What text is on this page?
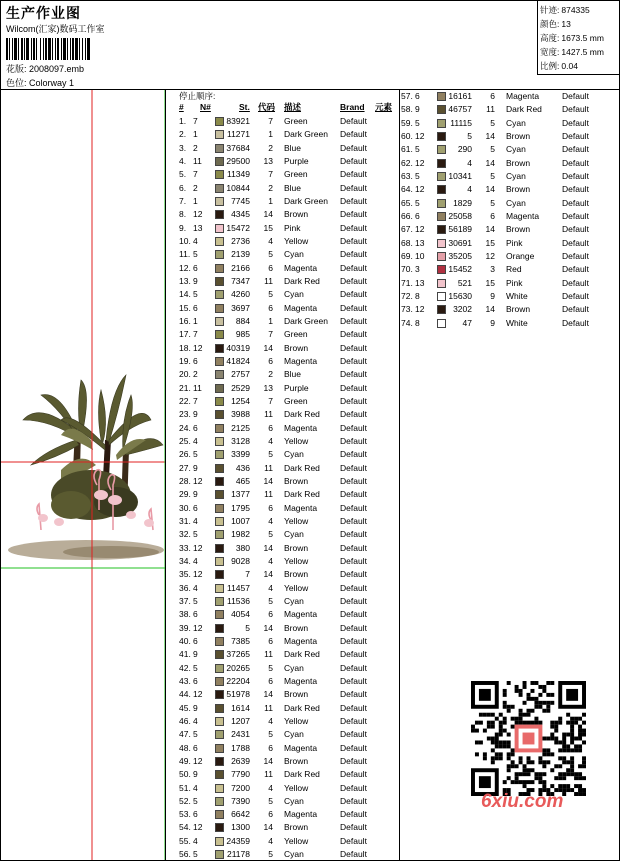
生产作业图
Wilcom(汇家)数码工作室
花版: 2008097.emb
色位: Colorway 1
针迹: 874335
颜色: 13
高度: 1673.5 mm
宽度: 1427.5 mm
比例: 0.04
停止顺序:
# N#	St. 代码 描述	Brand 元素
1. 7	83921 7 Green	Default
2. 1	11271 1 Dark Green Default
3. 2	37684 2 Blue	Default
4. 11	29500 13 Purple	Default
5. 7	11349 7 Green	Default
6. 2	10844 2 Blue	Default
7. 1	7745 1 Dark Green Default
8. 12	4345 14 Brown	Default
9. 13	15472 15 Pink	Default
10. 4	2736 4 Yellow	Default
11. 5	2139 5 Cyan	Default
12. 6	2166 6 Magenta	Default
13. 9	7347 11 Dark Red Default
14. 5	4260 5 Cyan	Default
15. 6	3697 6 Magenta	Default
16. 1	884 1 Dark Green Default
17. 7	985 7 Green	Default
18. 12	40319 14 Brown	Default
19. 6	41824 6 Magenta	Default
20. 2	2757 2 Blue	Default
21. 11	2529 13 Purple	Default
22. 7	1254 7 Green	Default
23. 9	3988 11 Dark Red Default
24. 6	2125 6 Magenta	Default
25. 4	3128 4 Yellow	Default
26. 5	3399 5 Cyan	Default
27. 9	436 11 Dark Red Default
28. 12	465 14 Brown	Default
29. 9	1377 11 Dark Red Default
30. 6	1795 6 Magenta	Default
31. 4	1007 4 Yellow	Default
32. 5	1982 5 Cyan	Default
33. 12	380 14 Brown	Default
34. 4	9028 4 Yellow	Default
35. 12	7 14 Brown	Default
36. 4	11457 4 Yellow	Default
37. 5	11536 5 Cyan	Default
38. 6	4054 6 Magenta	Default
39. 12	5 14 Brown	Default
40. 6	7385 6 Magenta	Default
41. 9	37265 11 Dark Red Default
42. 5	20265 5 Cyan	Default
43. 6	22204 6 Magenta	Default
44. 12	51978 14 Brown	Default
45. 9	1614 11 Dark Red Default
46. 4	1207 4 Yellow	Default
47. 5	2431 5 Cyan	Default
48. 6	1788 6 Magenta	Default
49. 12	2639 14 Brown	Default
50. 9	7790 11 Dark Red Default
51. 4	7200 4 Yellow	Default
52. 5	7390 5 Cyan	Default
53. 6	6642 6 Magenta	Default
54. 12	1300 14 Brown	Default
55. 4	24359 4 Yellow	Default
56. 5	21178 5 Cyan	Default
57. 6	16161 6 Magenta	Default
58. 9	46757 11 Dark Red Default
59. 5	11115 5 Cyan	Default
60. 12	5 14 Brown	Default
61. 5	290 5 Cyan	Default
62. 12	4 14 Brown	Default
63. 5	10341 5 Cyan	Default
64. 12	4 14 Brown	Default
65. 5	1829 5 Cyan	Default
66. 6	25058 6 Magenta	Default
67. 12	56189 14 Brown	Default
68. 13	30691 15 Pink	Default
69. 10	35205 12 Orange	Default
70. 3	15452 3 Red	Default
71. 13	521 15 Pink	Default
72. 8	15630 9 White	Default
73. 12	3202 14 Brown	Default
74. 8	47 9 White	Default
6xiu.com
